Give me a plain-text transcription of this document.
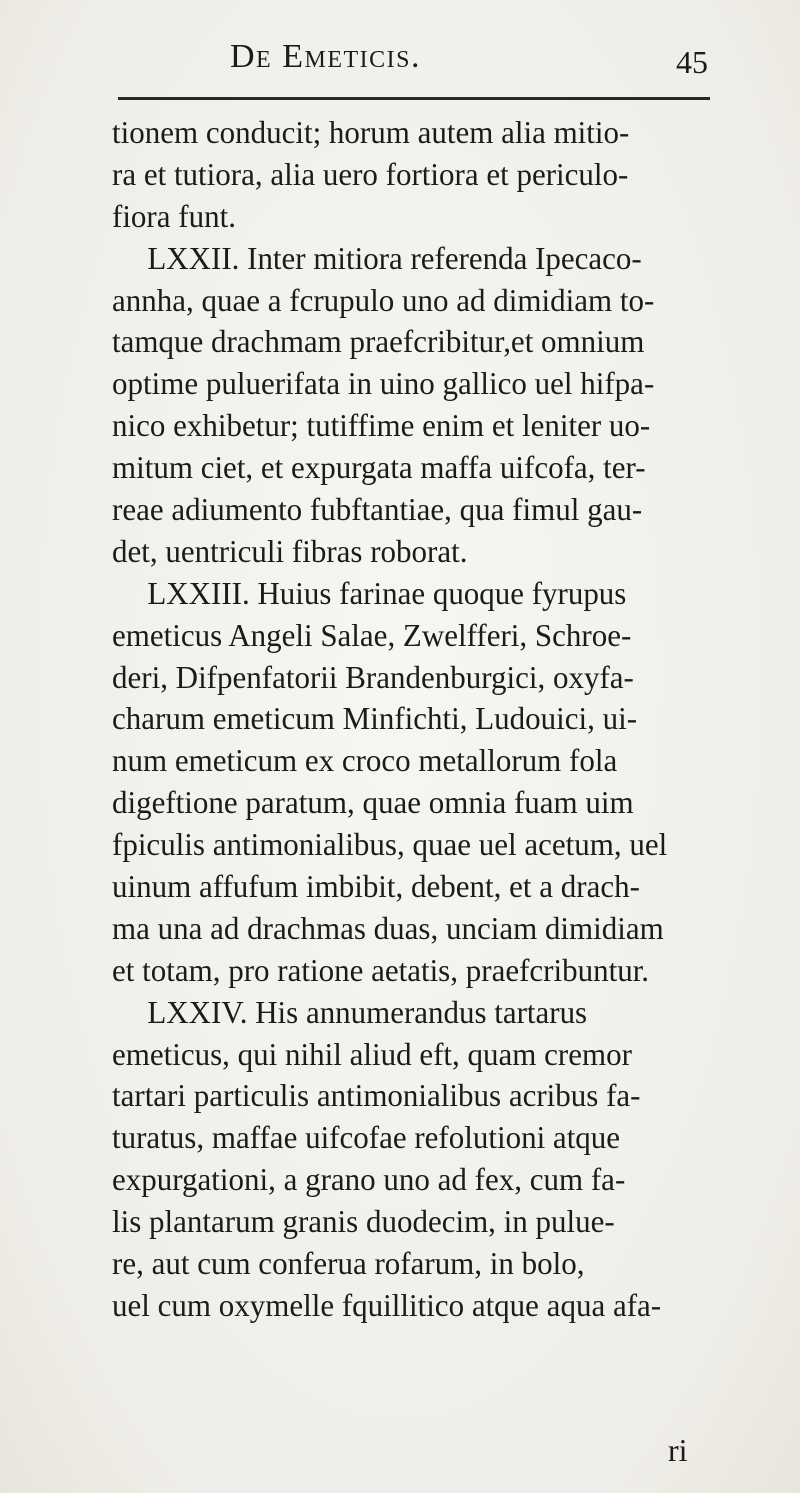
De Emeticis.	45
tionem conducit; horum autem alia mitio-
ra et tutiora, alia uero fortiora et periculo-
fiora funt.
LXXII. Inter mitiora referenda Ipecaco-
annha, quae a fcrupulo uno ad dimidiam to-
tamque drachmam praefcribitur,et omnium
optime puluerifata in uino gallico uel hifpa-
nico exhibetur; tutiffime enim et leniter uo-
mitum ciet, et expurgata maffa uifcofa, ter-
reae adiumento fubftantiae, qua fimul gau-
det, uentriculi fibras roborat.
LXXIII. Huius farinae quoque fyrupus
emeticus Angeli Salae, Zwelfferi, Schroe-
deri, Difpenfatorii Brandenburgici, oxyfa-
charum emeticum Minfichti, Ludouici, ui-
num emeticum ex croco metallorum fola
digeftione paratum, quae omnia fuam uim
fpiculis antimonialibus, quae uel acetum, uel
uinum affufum imbibit, debent, et a drach-
ma una ad drachmas duas, unciam dimidiam
et totam, pro ratione aetatis, praefcribuntur.
LXXIV. His annumerandus tartarus
emeticus, qui nihil aliud eft, quam cremor
tartari particulis antimonialibus acribus fa-
turatus, maffae uifcofae refolutioni atque
expurgationi, a grano uno ad fex, cum fa-
lis plantarum granis duodecim, in pulue-
re, aut cum conferua rofarum, in bolo,
uel cum oxymelle fquillitico atque aqua afa-
ri
